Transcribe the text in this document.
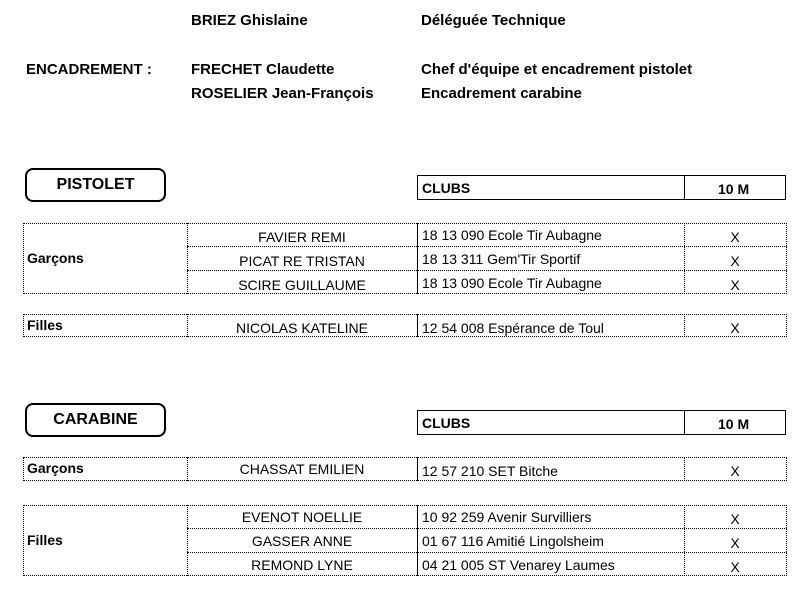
BRIEZ Ghislaine	Déléguée Technique
ENCADREMENT :	FRECHET Claudette	Chef d'équipe et encadrement pistolet
ROSELIER Jean-François	Encadrement carabine
PISTOLET	CLUBS	10 M
Garçons
FAVIER REMI	18 13 090 Ecole Tir Aubagne	X
PICAT RE TRISTAN	18 13 311 Gem'Tir Sportif	X
SCIRE GUILLAUME	18 13 090 Ecole Tir Aubagne	X
Filles	NICOLAS KATELINE	12 54 008 Espérance de Toul	X
CARABINE	CLUBS	10 M
Garçons	CHASSAT EMILIEN	12 57 210 SET Bitche	X
Filles
EVENOT NOELLIE	10 92 259 Avenir Survilliers	X
GASSER ANNE	01 67 116 Amitié Lingolsheim	X
REMOND LYNE	04 21 005 ST Venarey Laumes	X
